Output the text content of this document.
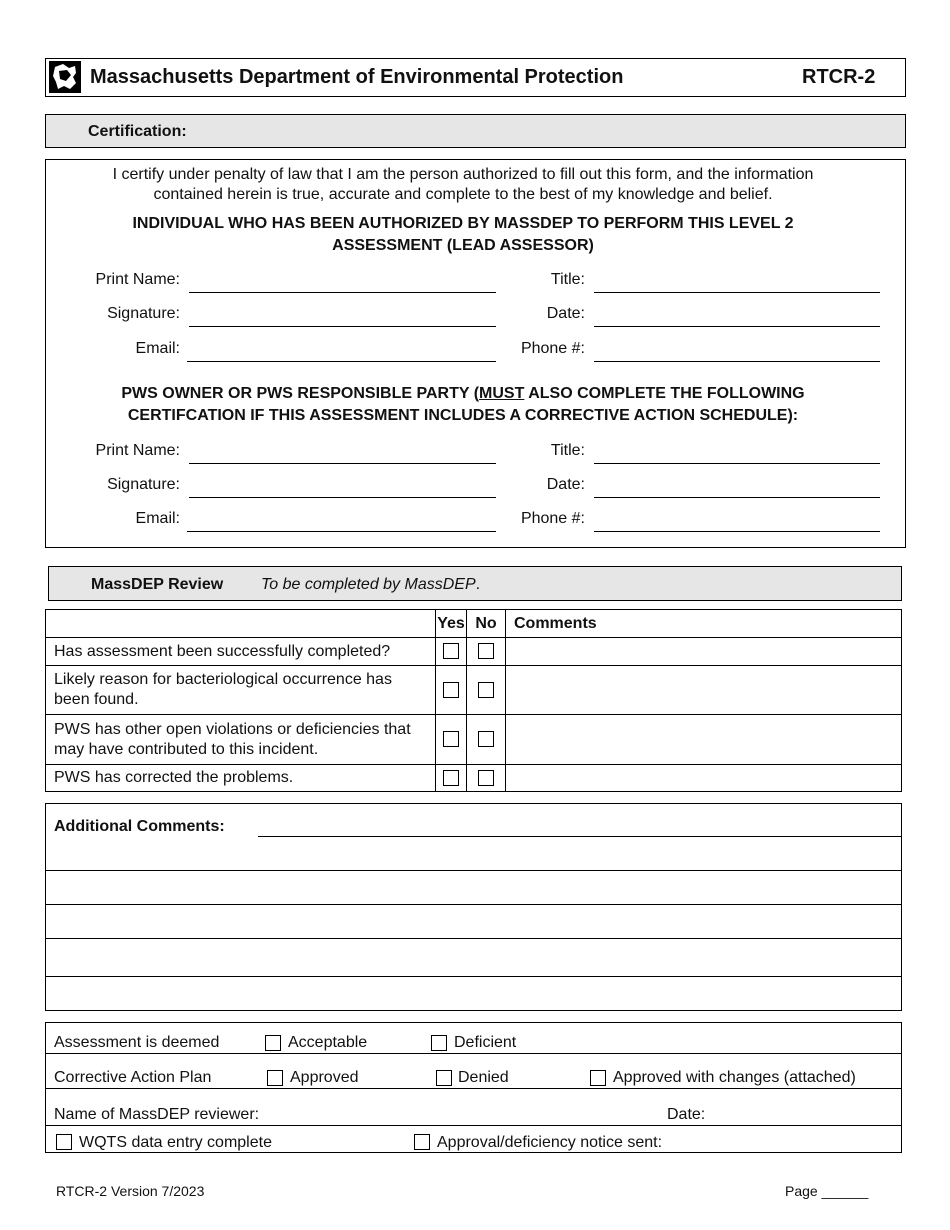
Massachusetts Department of Environmental Protection	RTCR-2
Certification:
I certify under penalty of law that I am the person authorized to fill out this form, and the information
contained herein is true, accurate and complete to the best of my knowledge and belief.
INDIVIDUAL WHO HAS BEEN AUTHORIZED BY MASSDEP TO PERFORM THIS LEVEL 2
ASSESSMENT (LEAD ASSESSOR)
Print Name:	Title:
Signature:	Date:
Email:	Phone #:
PWS OWNER OR PWS RESPONSIBLE PARTY (MUST ALSO COMPLETE THE FOLLOWING
CERTIFCATION IF THIS ASSESSMENT INCLUDES A CORRECTIVE ACTION SCHEDULE):
Print Name:	Title:
Signature:	Date:
Email:	Phone #:
MassDEP Review To be completed by MassDEP.
	Yes	No	Comments
Has assessment been successfully completed?			
Likely reason for bacteriological occurrence has been found.			
PWS has other open violations or deficiencies that may have contributed to this incident.			
PWS has corrected the problems.			
Additional Comments:
Assessment is deemed	Acceptable	Deficient
Corrective Action Plan	Approved	Denied	Approved with changes (attached)
Name of MassDEP reviewer:	Date:
WQTS data entry complete	Approval/deficiency notice sent:
RTCR-2 Version 7/2023	Page ______
